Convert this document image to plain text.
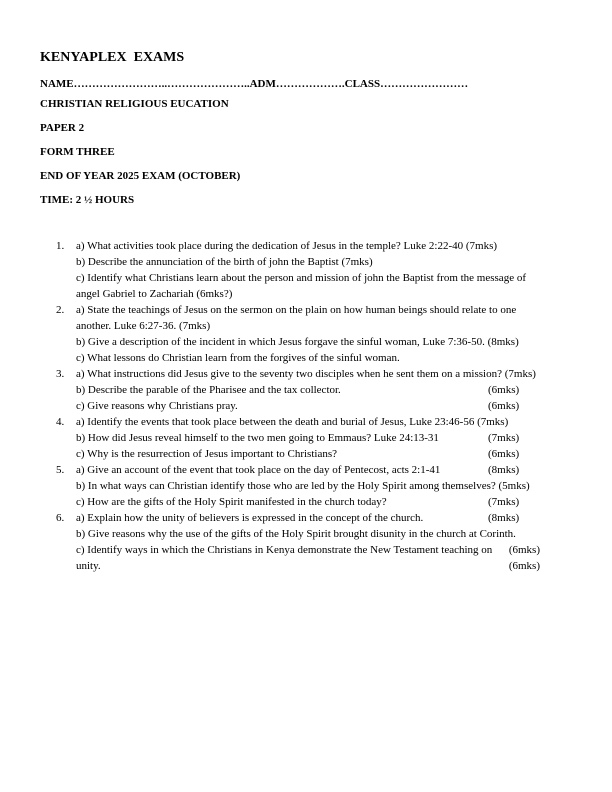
KENYAPLEX  EXAMS
NAME……………………..…………………..ADM……………….CLASS……………………
CHRISTIAN RELIGIOUS EUCATION
PAPER 2
FORM THREE
END OF YEAR 2025 EXAM (OCTOBER)
TIME: 2 ½ HOURS
1. a) What activities took place during the dedication of Jesus in the temple? Luke 2:22-40 (7mks)
b) Describe the annunciation of the birth of john the Baptist (7mks)
c) Identify what Christians learn about the person and mission of john the Baptist from the message of angel Gabriel to Zachariah (6mks?)
2. a) State the teachings of Jesus on the sermon on the plain on how human beings should relate to one another. Luke 6:27-36. (7mks)
b) Give a description of the incident in which Jesus forgave the sinful woman, Luke 7:36-50. (8mks)
c) What lessons do Christian learn from the forgives of the sinful woman.
3. a) What instructions did Jesus give to the seventy two disciples when he sent them on a mission? (7mks)
b) Describe the parable of the Pharisee and the tax collector.	(6mks)
c) Give reasons why Christians pray.	(6mks)
4. a) Identify the events that took place between the death and burial of Jesus, Luke 23:46-56 (7mks)
b) How did Jesus reveal himself to the two men going to Emmaus? Luke 24:13-31	(7mks)
c) Why is the resurrection of Jesus important to Christians?	(6mks)
5. a) Give an account of the event that took place on the day of Pentecost, acts 2:1-41	(8mks)
b) In what ways can Christian identify those who are led by the Holy Spirit among themselves? (5mks)
c) How are the gifts of the Holy Spirit manifested in the church today?	(7mks)
6. a) Explain how the unity of believers is expressed in the concept of the church.	(8mks)
b) Give reasons why the use of the gifts of the Holy Spirit brought disunity in the church at Corinth.
(6mks)
c) Identify ways in which the Christians in Kenya demonstrate the New Testament teaching on unity.	(6mks)
